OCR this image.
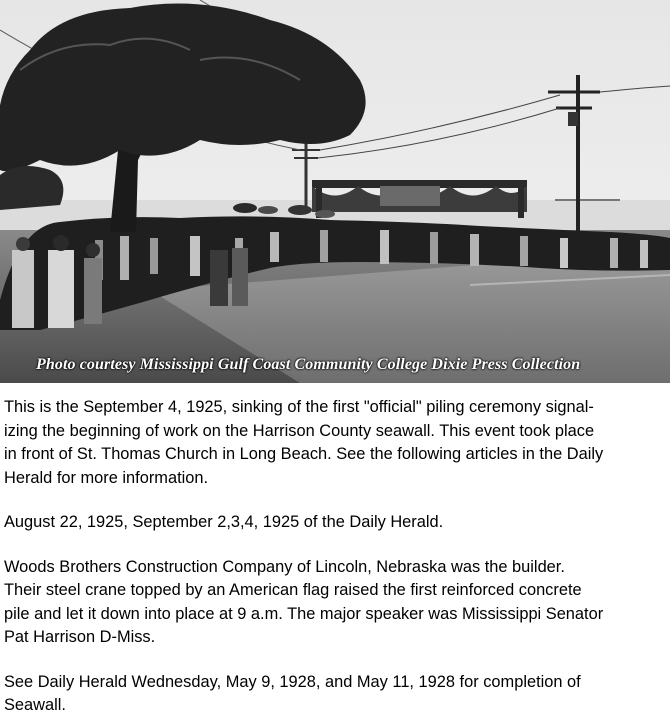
Photo courtesy Mississippi Gulf Coast Community College Dixie Press Collection

This is the September 4, 1925, sinking of the first "official" piling ceremony signal-
izing the beginning of work on the Harrison County seawall. This event took place
in front of St. Thomas Church in Long Beach. See the following articles in the Daily
Herald for more information.

August 22, 1925, September 2,3,4, 1925 of the Daily Herald.

Woods Brothers Construction Company of Lincoln, Nebraska was the builder.
Their steel crane topped by an American flag raised the first reinforced concrete
pile and let it down into place at 9 a.m. The major speaker was Mississippi Senator
Pat Harrison D-Miss.

See Daily Herald Wednesday, May 9, 1928, and May 11, 1928 for completion of
Seawall.
